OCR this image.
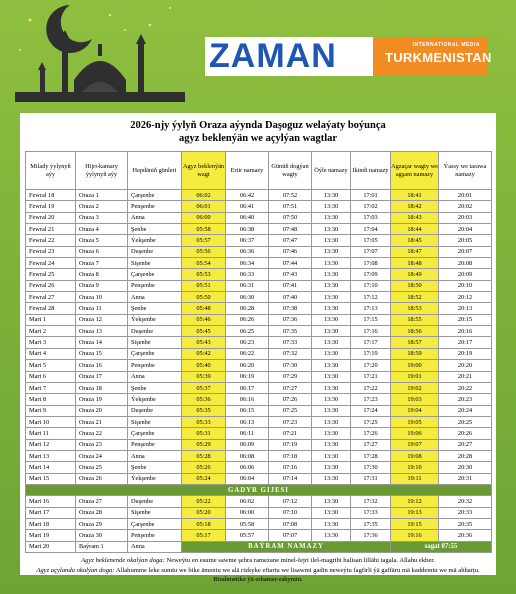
ZAMAN	INTERNATIONAL MEDIA
TURKMENISTAN
2026-njy ýylyň Oraza aýynda Daşoguz welaýaty boýunça
agyz beklenýän we açylýan wagtlar
Milady ýylynyň aýy	Hijri-kamary ýylynyň aýy	Hepdäniň günleri	Agyz beklenýän wagt	Ertir namazy	Günüň dogýan wagty	Öýle namazy	Ikindi namazy	Agzaçar wagty we agşam namazy	Ýassy we tarawa namazy
Fewral 18	Oraza 1	Çarşenbe	06:02	06:42	07:52	13:30	17:01	18:41	20:01
Fewral 19	Oraza 2	Penşenbe	06:01	06:41	07:51	13:30	17:02	18:42	20:02
Fewral 20	Oraza 3	Anna	06:00	06:40	07:50	13:30	17:03	18:43	20:03
Fewral 21	Oraza 4	Şenbe	05:58	06:38	07:48	13:30	17:04	18:44	20:04
Fewral 22	Oraza 5	Ýekşenbe	05:57	06:37	07:47	13:30	17:05	18:45	20:05
Fewral 23	Oraza 6	Duşenbe	05:56	06:36	07:46	13:30	17:07	18:47	20:07
Fewral 24	Oraza 7	Sişenbe	05:54	06:34	07:44	13:30	17:08	18:48	20:08
Fewral 25	Oraza 8	Çarşenbe	05:53	06:33	07:43	13:30	17:09	18:49	20:09
Fewral 26	Oraza 9	Penşenbe	05:51	06:31	07:41	13:30	17:10	18:50	20:10
Fewral 27	Oraza 10	Anna	05:50	06:30	07:40	13:30	17:12	18:52	20:12
Fewral 28	Oraza 11	Şenbe	05:48	06:28	07:38	13:30	17:13	18:53	20:13
Mart 1	Oraza 12	Ýekşenbe	05:46	06:26	07:36	13:30	17:15	18:55	20:15
Mart 2	Oraza 13	Duşenbe	05:45	06:25	07:35	13:30	17:16	18:56	20:16
Mart 3	Oraza 14	Sişenbe	05:43	06:23	07:33	13:30	17:17	18:57	20:17
Mart 4	Oraza 15	Çarşenbe	05:42	06:22	07:32	13:30	17:19	18:59	20:19
Mart 5	Oraza 16	Penşenbe	05:40	06:20	07:30	13:30	17:20	19:00	20:20
Mart 6	Oraza 17	Anna	05:39	06:19	07:29	13:30	17:21	19:01	20:21
Mart 7	Oraza 18	Şenbe	05:37	06:17	07:27	13:30	17:22	19:02	20:22
Mart 8	Oraza 19	Ýekşenbe	05:36	06:16	07:26	13:30	17:23	19:03	20:23
Mart 9	Oraza 20	Duşenbe	05:35	06:15	07:25	13:30	17:24	19:04	20:24
Mart 10	Oraza 21	Sişenbe	05:33	06:13	07:23	13:30	17:25	19:05	20:25
Mart 11	Oraza 22	Çarşenbe	05:31	06:11	07:21	13:30	17:26	19:06	20:26
Mart 12	Oraza 23	Penşenbe	05:29	06:09	07:19	13:30	17:27	19:07	20:27
Mart 13	Oraza 24	Anna	05:28	06:08	07:18	13:30	17:28	19:08	20:28
Mart 14	Oraza 25	Şenbe	05:26	06:06	07:16	13:30	17:30	19:10	20:30
Mart 15	Oraza 26	Ýekşenbe	05:24	06:04	07:14	13:30	17:31	19:11	20:31
GADYR GIJESI									
Mart 16	Oraza 27	Duşenbe	05:22	06:02	07:12	13:30	17:32	19:12	20:32
Mart 17	Oraza 28	Sişenbe	05:20	06:00	07:10	13:30	17:33	19:13	20:33
Mart 18	Oraza 29	Çarşenbe	05:18	05:58	07:08	13:30	17:35	19:15	20:35
Mart 19	Oraza 30	Penşenbe	05:17	05:57	07:07	13:30	17:36	19:16	20:36
Mart 20	Baýram 1	Anna	BAÝRAM NAMAZY					sagat 07:55	
Agyz beklenende okalýan doga: Neweýtu en esume sawme şehra ramezane minel-fejri ilel-magribi halisan lillähi tagala. Allahu ekber.
Agyz açylanda okalýan doga: Allahumme leke sumtu we bike ämentu we alä rizkyke eftartu we lisawmi gadin neweýtu fagfirli ýä gaffäru mä kaddemtu we mä ahharțu. Birahmetike ýä erhamer-rahymin.
